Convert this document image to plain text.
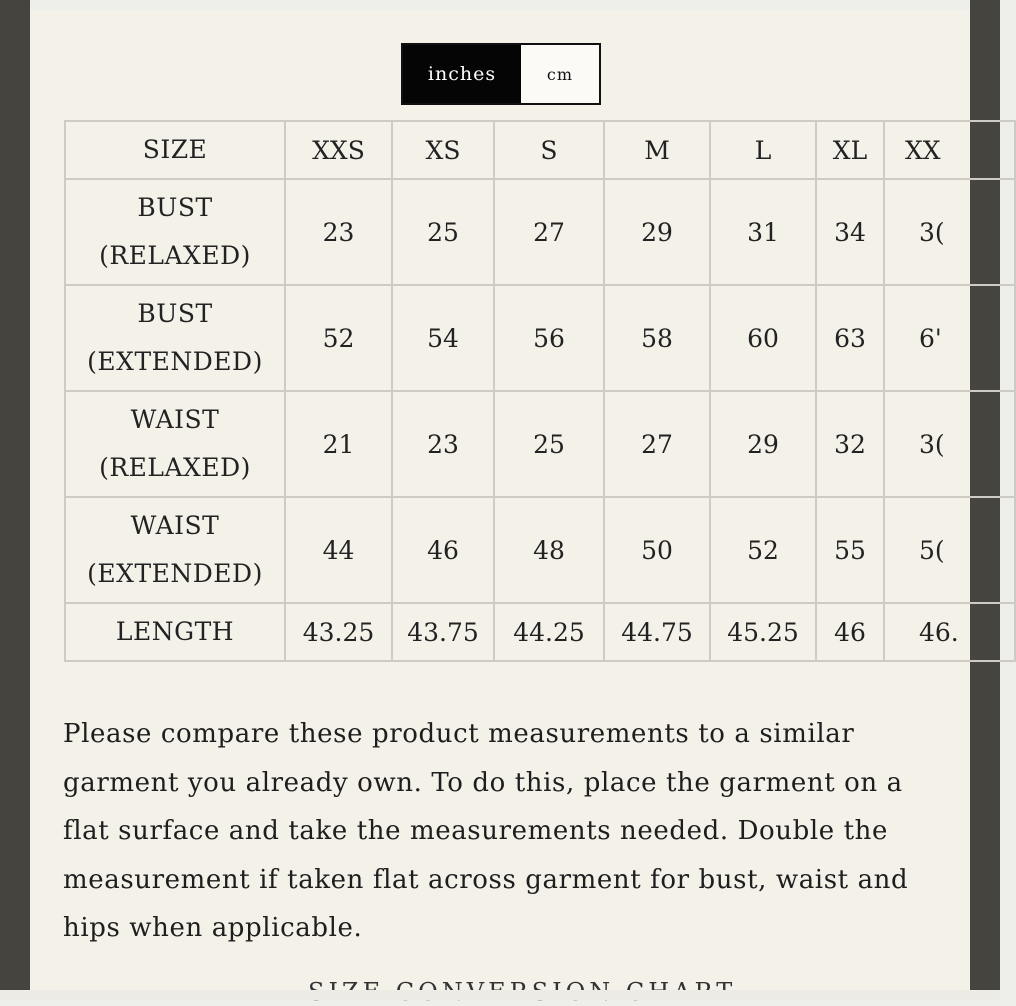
inches	cm
SIZE	XXS	XS	S	M	L	XL	XX
BUST
(RELAXED)	23	25	27	29	31	34	3(
BUST
(EXTENDED)	52	54	56	58	60	63	6'
WAIST
(RELAXED)	21	23	25	27	29	32	3(
WAIST
(EXTENDED)	44	46	48	50	52	55	5(
LENGTH	43.25	43.75	44.25	44.75	45.25	46	46.

Please compare these product measurements to a similar garment you already own. To do this, place the garment on a flat surface and take the measurements needed. Double the measurement if taken flat across garment for bust, waist and hips when applicable.
